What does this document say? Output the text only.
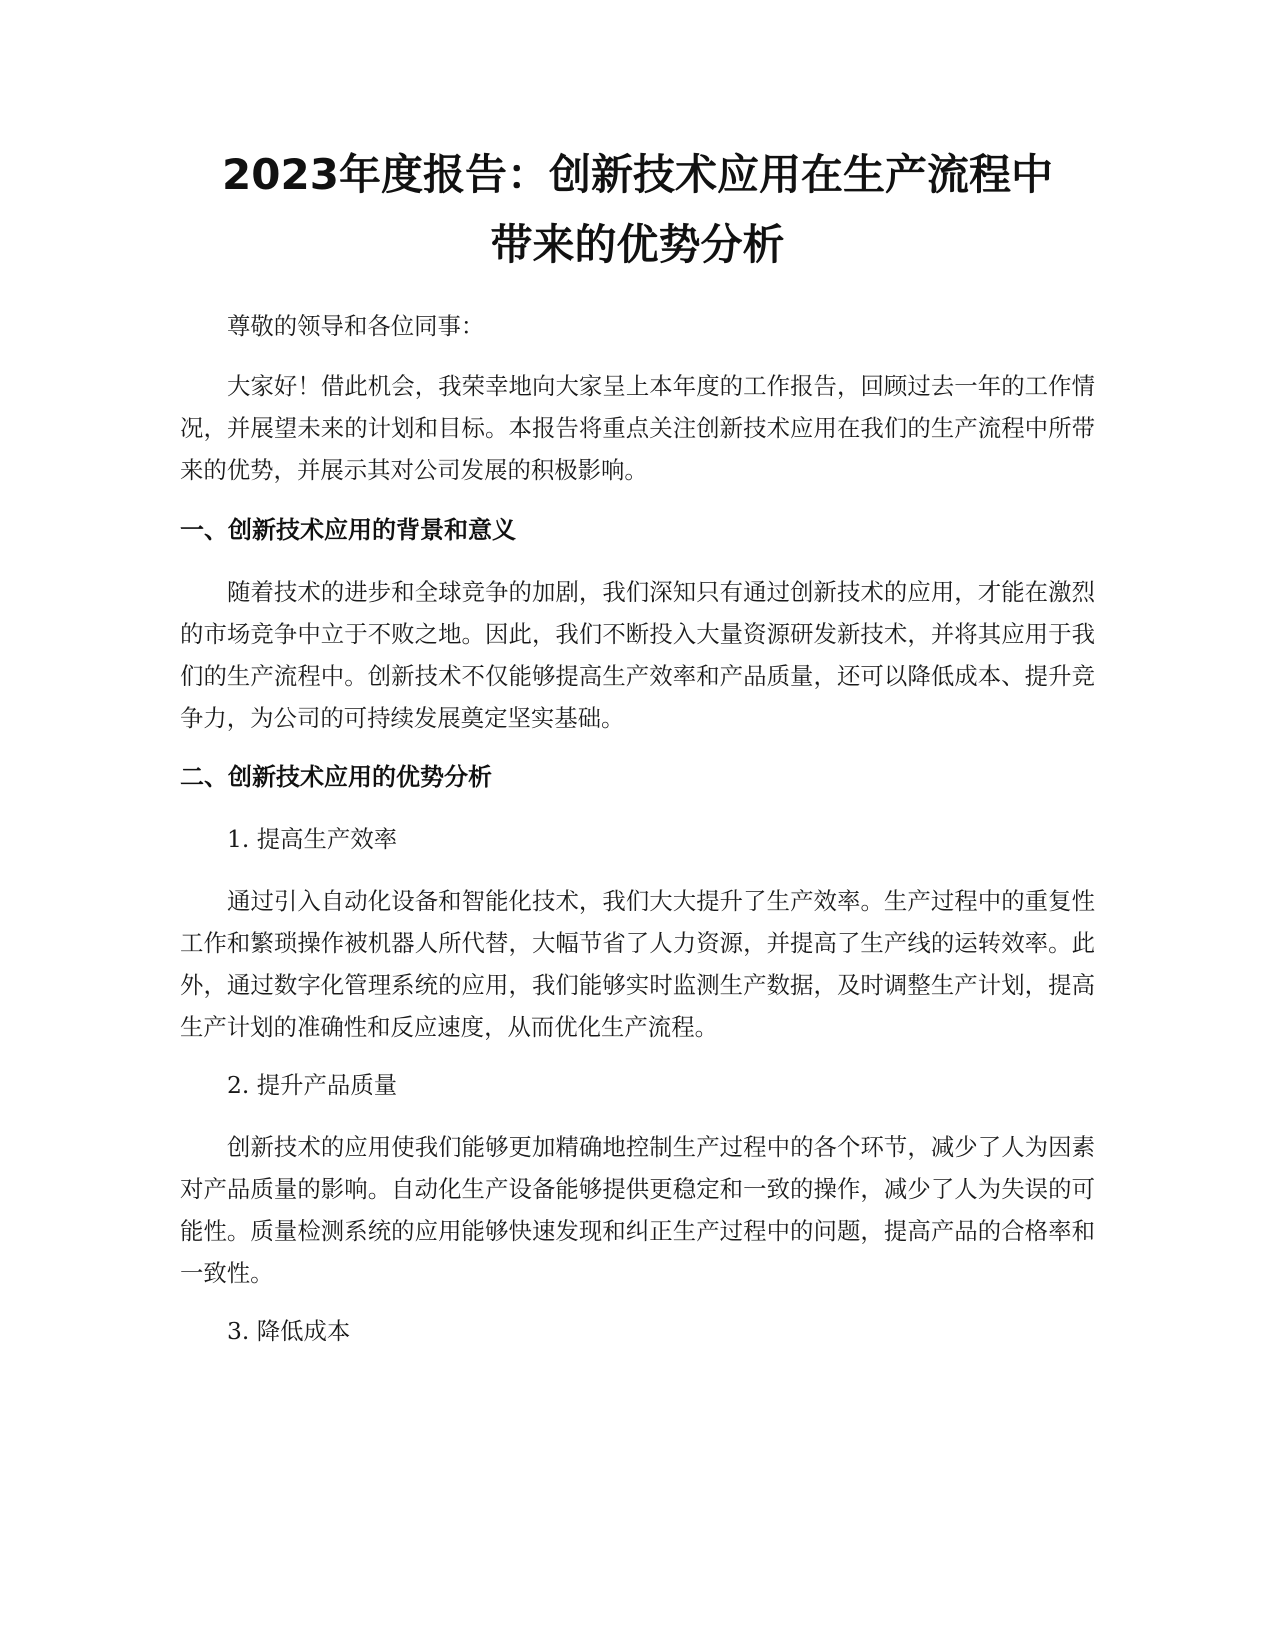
2023年度报告：创新技术应用在生产流程中
带来的优势分析

尊敬的领导和各位同事：

大家好！借此机会，我荣幸地向大家呈上本年度的工作报告，回顾过去一年的工作情况，并展望未来的计划和目标。本报告将重点关注创新技术应用在我们的生产流程中所带来的优势，并展示其对公司发展的积极影响。

一、创新技术应用的背景和意义

随着技术的进步和全球竞争的加剧，我们深知只有通过创新技术的应用，才能在激烈的市场竞争中立于不败之地。因此，我们不断投入大量资源研发新技术，并将其应用于我们的生产流程中。创新技术不仅能够提高生产效率和产品质量，还可以降低成本、提升竞争力，为公司的可持续发展奠定坚实基础。

二、创新技术应用的优势分析

1. 提高生产效率

通过引入自动化设备和智能化技术，我们大大提升了生产效率。生产过程中的重复性工作和繁琐操作被机器人所代替，大幅节省了人力资源，并提高了生产线的运转效率。此外，通过数字化管理系统的应用，我们能够实时监测生产数据，及时调整生产计划，提高生产计划的准确性和反应速度，从而优化生产流程。

2. 提升产品质量

创新技术的应用使我们能够更加精确地控制生产过程中的各个环节，减少了人为因素对产品质量的影响。自动化生产设备能够提供更稳定和一致的操作，减少了人为失误的可能性。质量检测系统的应用能够快速发现和纠正生产过程中的问题，提高产品的合格率和一致性。

3. 降低成本
